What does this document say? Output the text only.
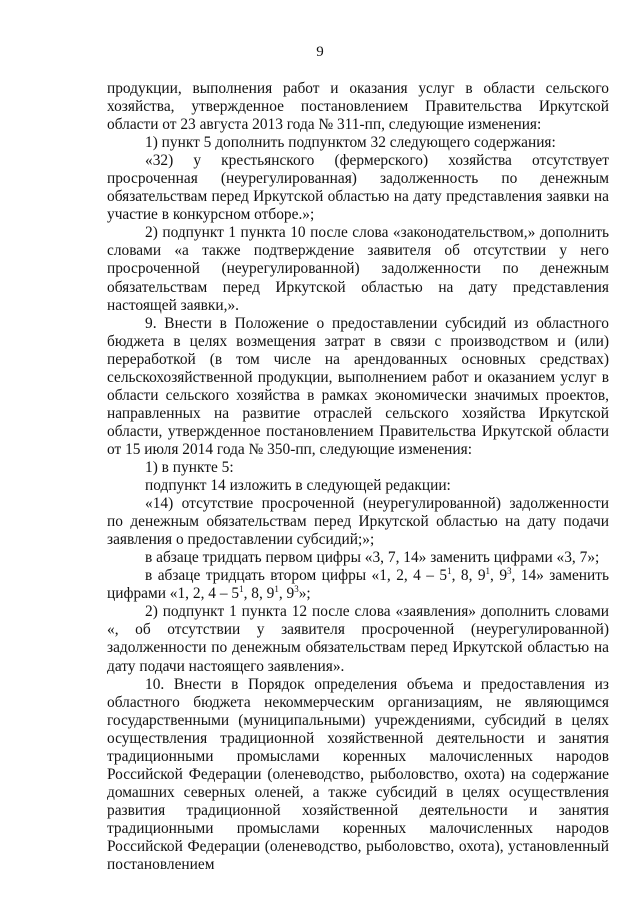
9

продукции, выполнения работ и оказания услуг в области сельского хозяйства, утвержденное постановлением Правительства Иркутской области от 23 августа 2013 года № 311-пп, следующие изменения:

1) пункт 5 дополнить подпунктом 32 следующего содержания:

«32) у крестьянского (фермерского) хозяйства отсутствует просроченная (неурегулированная) задолженность по денежным обязательствам перед Иркутской областью на дату представления заявки на участие в конкурсном отборе.»;

2) подпункт 1 пункта 10 после слова «законодательством,» дополнить словами «а также подтверждение заявителя об отсутствии у него просроченной (неурегулированной) задолженности по денежным обязательствам перед Иркутской областью на дату представления настоящей заявки,».

9. Внести в Положение о предоставлении субсидий из областного бюджета в целях возмещения затрат в связи с производством и (или) переработкой (в том числе на арендованных основных средствах) сельскохозяйственной продукции, выполнением работ и оказанием услуг в области сельского хозяйства в рамках экономически значимых проектов, направленных на развитие отраслей сельского хозяйства Иркутской области, утвержденное постановлением Правительства Иркутской области от 15 июля 2014 года № 350-пп, следующие изменения:

1) в пункте 5:

подпункт 14 изложить в следующей редакции:

«14) отсутствие просроченной (неурегулированной) задолженности по денежным обязательствам перед Иркутской областью на дату подачи заявления о предоставлении субсидий;»;

в абзаце тридцать первом цифры «3, 7, 14» заменить цифрами «3, 7»;

в абзаце тридцать втором цифры «1, 2, $4 - 5^1$, 8, $9^1$, $9^3$, 14» заменить цифрами «1, 2, $4 - 5^1$, 8, $9^1$, $9^3$»;

2) подпункт 1 пункта 12 после слова «заявления» дополнить словами «, об отсутствии у заявителя просроченной (неурегулированной) задолженности по денежным обязательствам перед Иркутской областью на дату подачи настоящего заявления».

10. Внести в Порядок определения объема и предоставления из областного бюджета некоммерческим организациям, не являющимся государственными (муниципальными) учреждениями, субсидий в целях осуществления традиционной хозяйственной деятельности и занятия традиционными промыслами коренных малочисленных народов Российской Федерации (оленеводство, рыболовство, охота) на содержание домашних северных оленей, а также субсидий в целях осуществления развития традиционной хозяйственной деятельности и занятия традиционными промыслами коренных малочисленных народов Российской Федерации (оленеводство, рыболовство, охота), установленный постановлением
